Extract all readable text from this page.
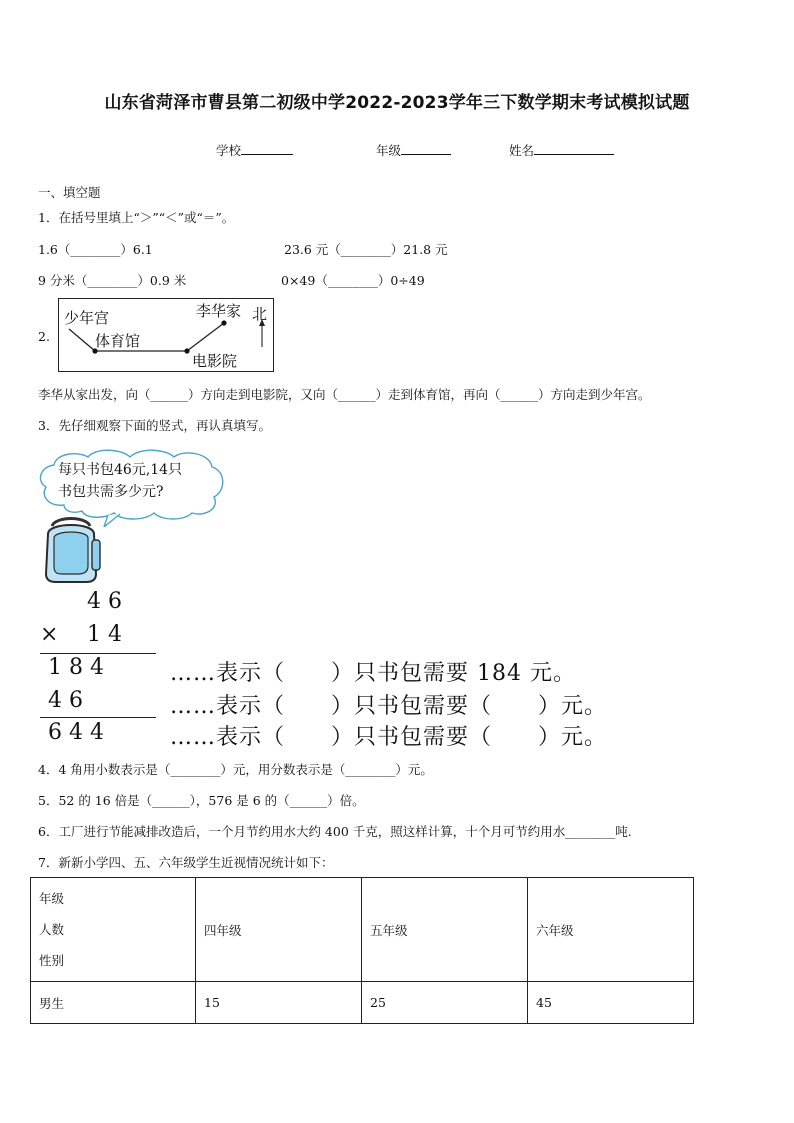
山东省菏泽市曹县第二初级中学2022-2023学年三下数学期末考试模拟试题
学校	年级	姓名
一、填空题
1．在括号里填上“＞”“＜”或“＝”。
1.6（________）6.1	23.6 元（________）21.8 元
9 分米（________）0.9 米	0×49（________）0÷49
2.
少年宫
体育馆
李华家
电影院
北
李华从家出发，向（______）方向走到电影院，又向（______）走到体育馆，再向（______）方向走到少年宫。
3．先仔细观察下面的竖式，再认真填写。
每只书包46元,14只
书包共需多少元?
4 6
× 1 4
1 8 4
4 6
6 4 4
……表示（　　）只书包需要 184 元。
……表示（　　）只书包需要（　　）元。
……表示（　　）只书包需要（　　）元。
4．4 角用小数表示是（________）元，用分数表示是（________）元。
5．52 的 16 倍是（______），576 是 6 的（______）倍。
6．工厂进行节能减排改造后，一个月节约用水大约 400 千克，照这样计算，十个月可节约用水________吨.
7．新新小学四、五、六年级学生近视情况统计如下：
年级
人数
性别	四年级	五年级	六年级
男生	15	25	45
